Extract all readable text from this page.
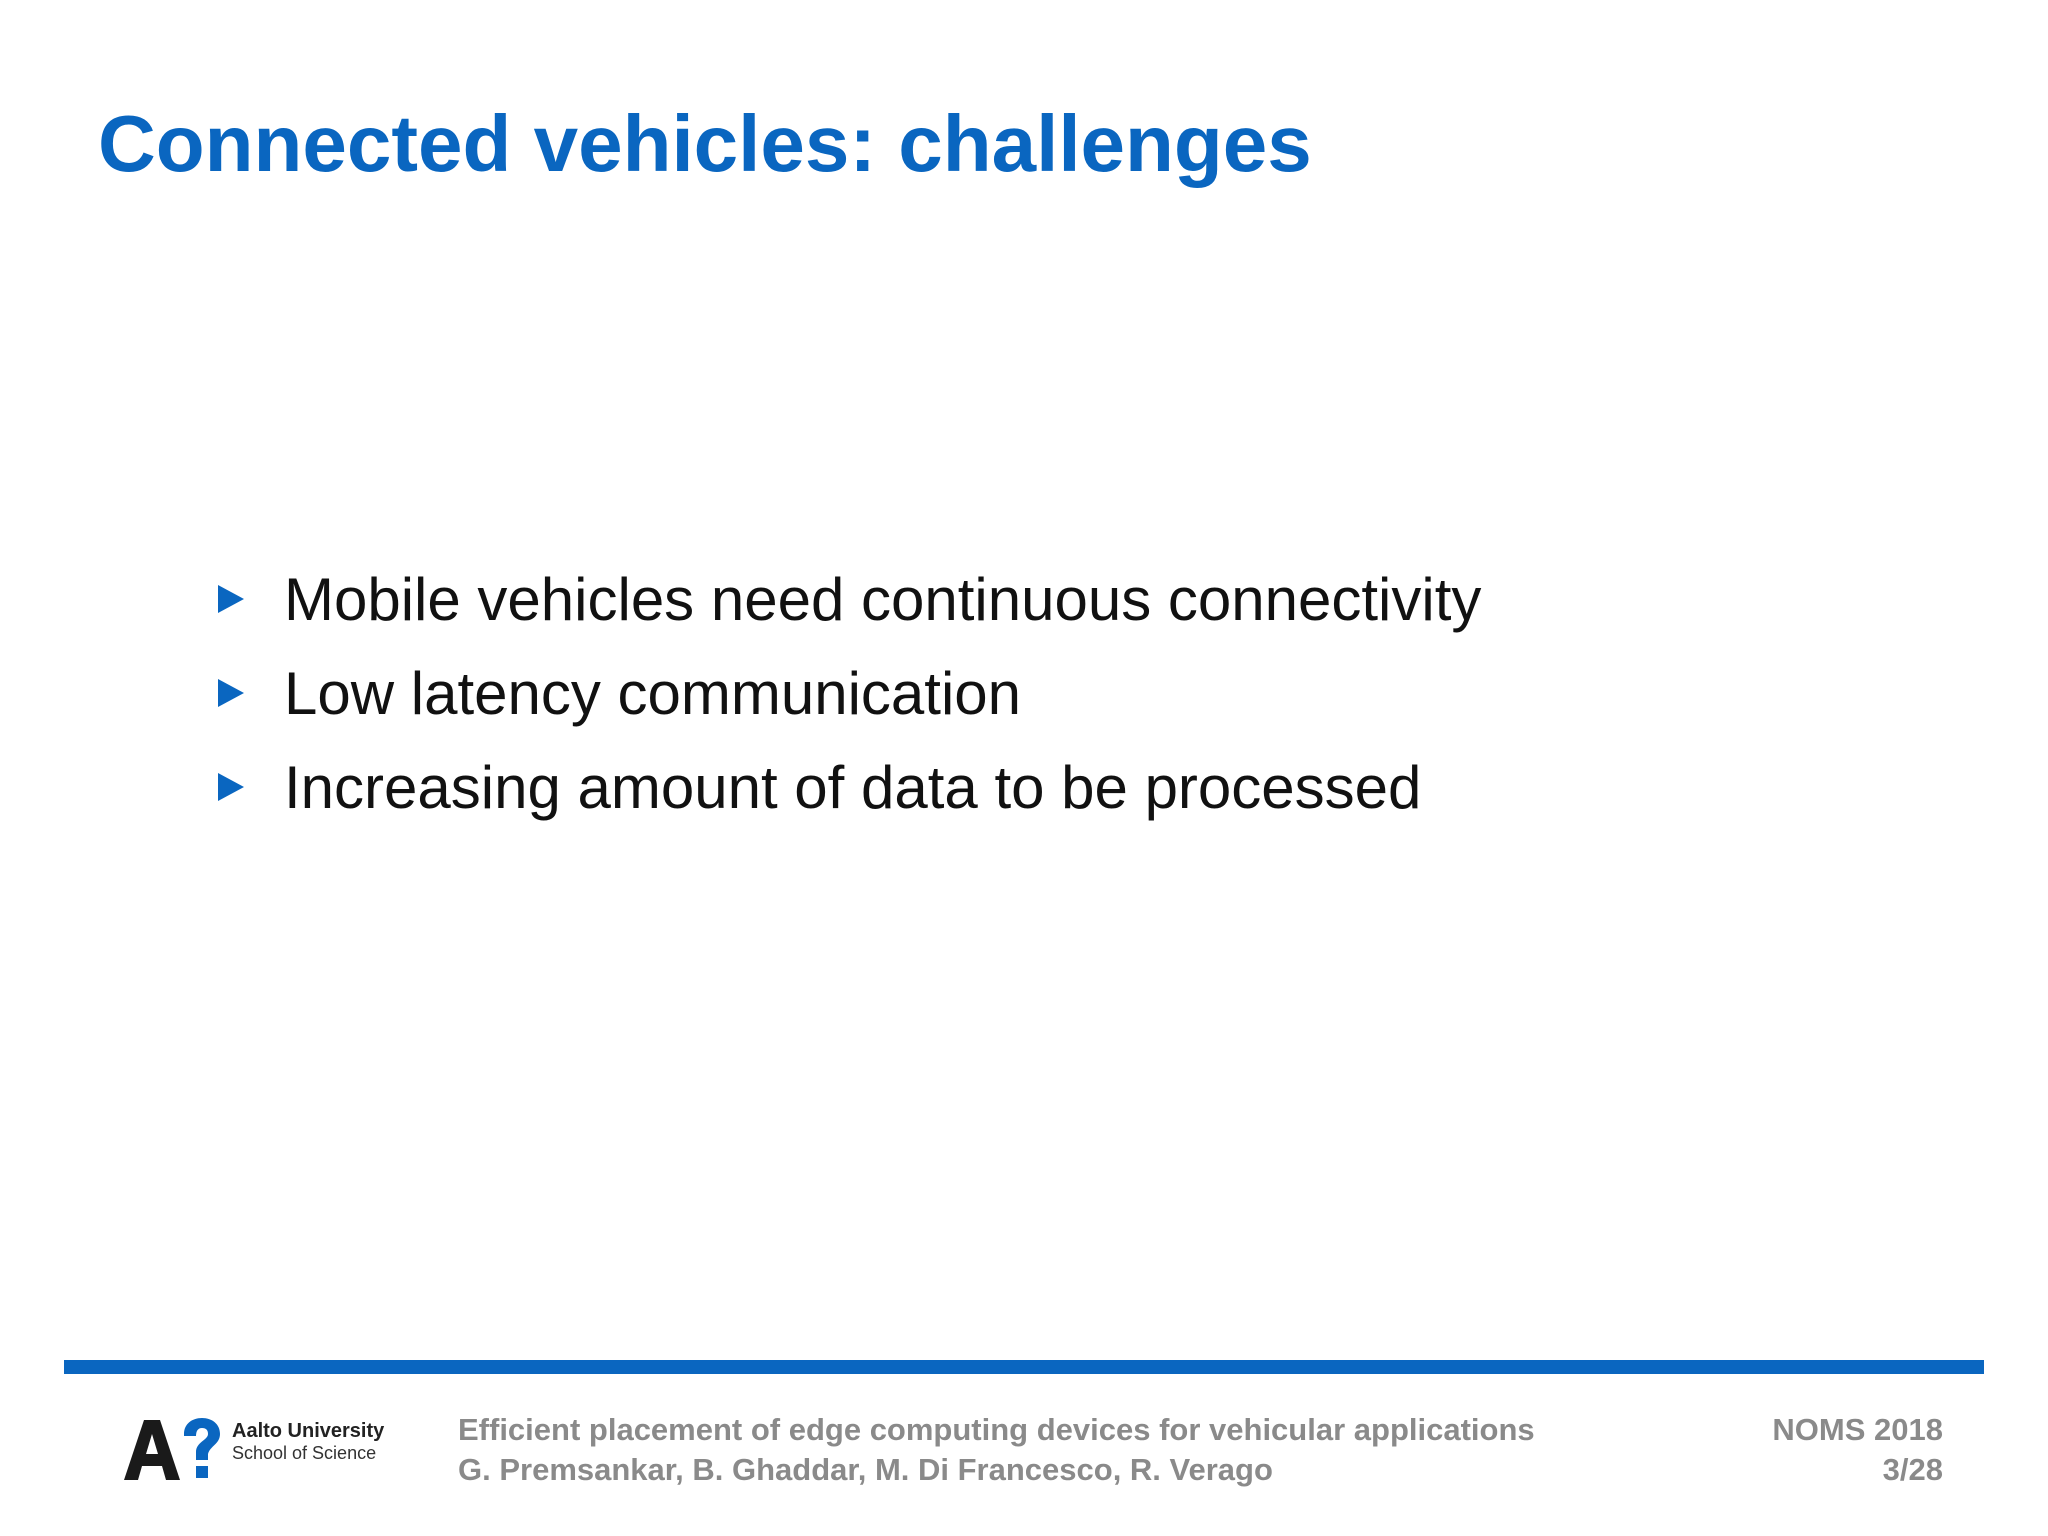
Connected vehicles: challenges
Mobile vehicles need continuous connectivity
Low latency communication
Increasing amount of data to be processed
Aalto University
School of Science
Efficient placement of edge computing devices for vehicular applications
G. Premsankar, B. Ghaddar, M. Di Francesco, R. Verago
NOMS 2018
3/28
